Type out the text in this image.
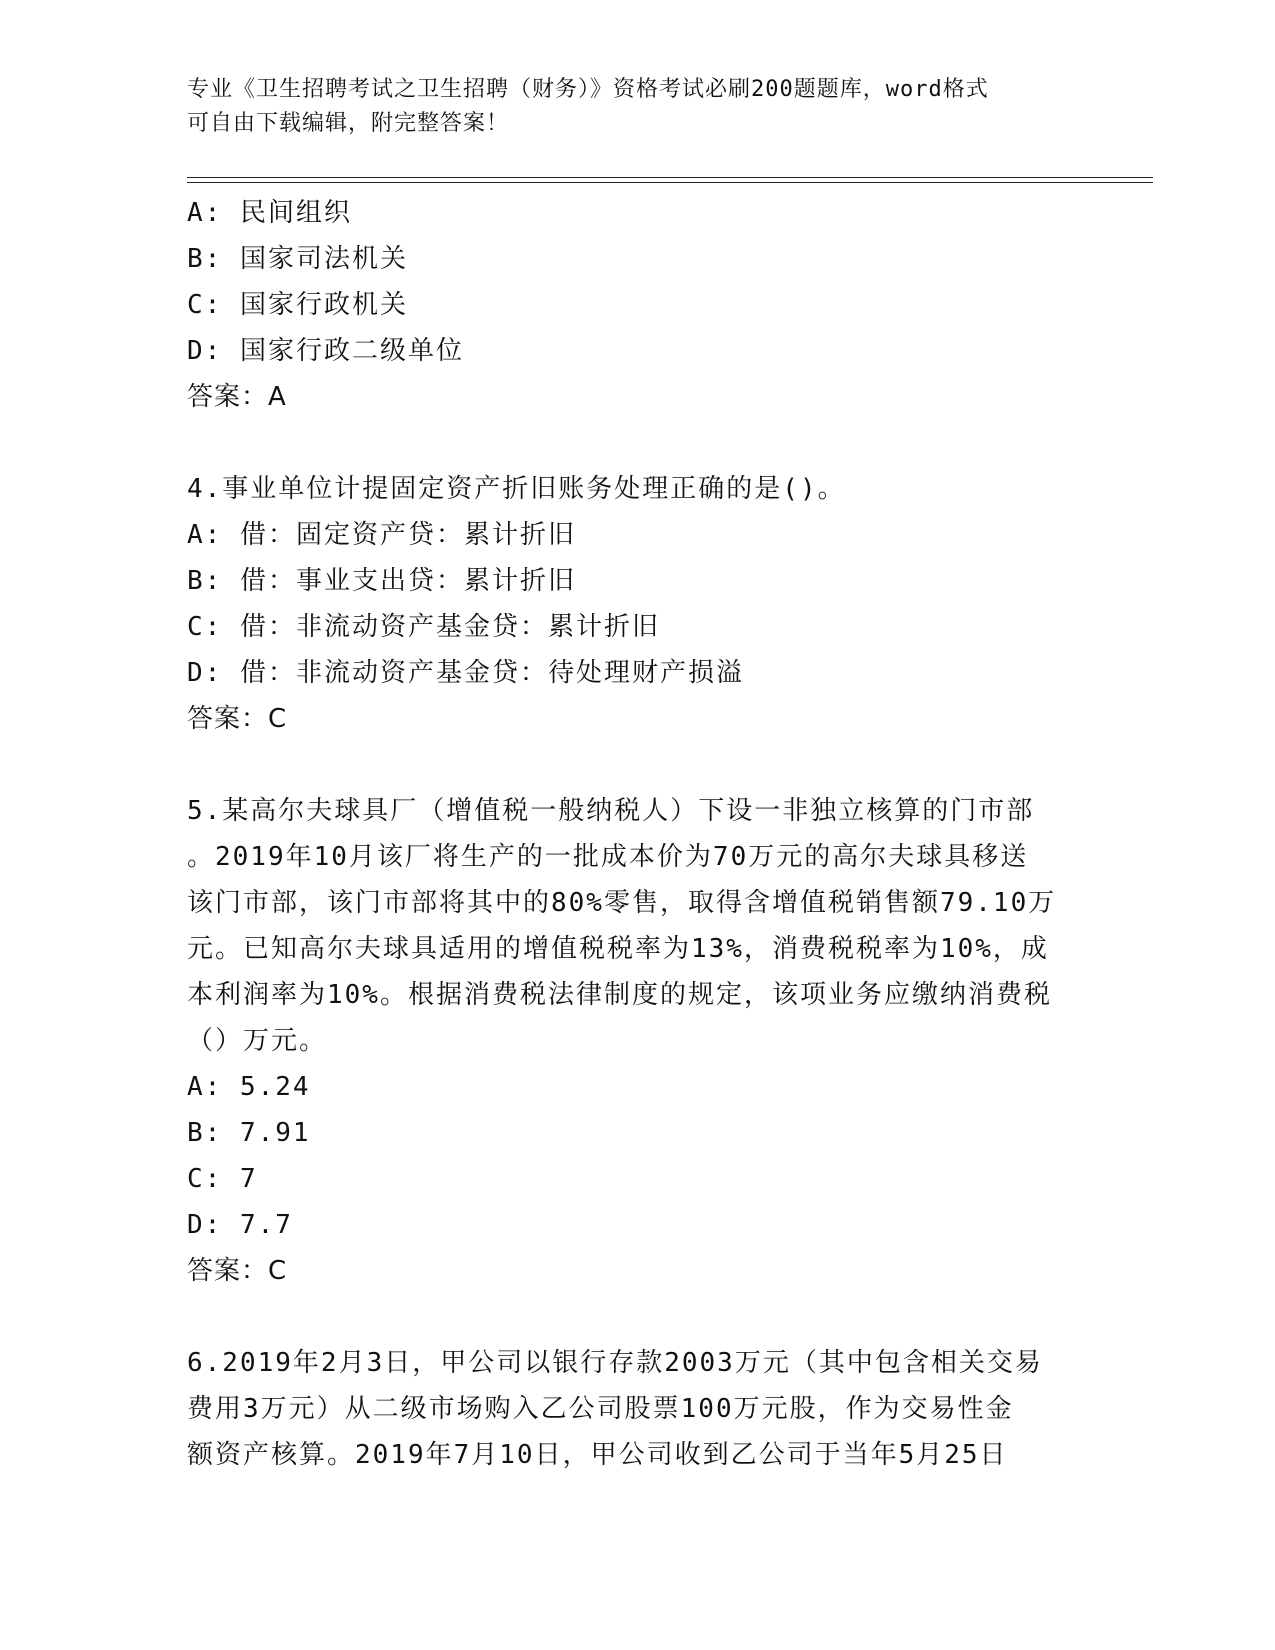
专业《卫生招聘考试之卫生招聘（财务）》资格考试必刷200题题库，word格式
可自由下载编辑，附完整答案！
A: 民间组织
B: 国家司法机关
C: 国家行政机关
D: 国家行政二级单位
答案：A
4.事业单位计提固定资产折旧账务处理正确的是()。
A: 借：固定资产贷：累计折旧
B: 借：事业支出贷：累计折旧
C: 借：非流动资产基金贷：累计折旧
D: 借：非流动资产基金贷：待处理财产损溢
答案：C
5.某高尔夫球具厂（增值税一般纳税人）下设一非独立核算的门市部
。2019年10月该厂将生产的一批成本价为70万元的高尔夫球具移送
该门市部，该门市部将其中的80%零售，取得含增值税销售额79.10万
元。已知高尔夫球具适用的增值税税率为13%，消费税税率为10%，成
本利润率为10%。根据消费税法律制度的规定，该项业务应缴纳消费税
（）万元。
A: 5.24
B: 7.91
C: 7
D: 7.7
答案：C
6.2019年2月3日，甲公司以银行存款2003万元（其中包含相关交易
费用3万元）从二级市场购入乙公司股票100万元股，作为交易性金
额资产核算。2019年7月10日，甲公司收到乙公司于当年5月25日
